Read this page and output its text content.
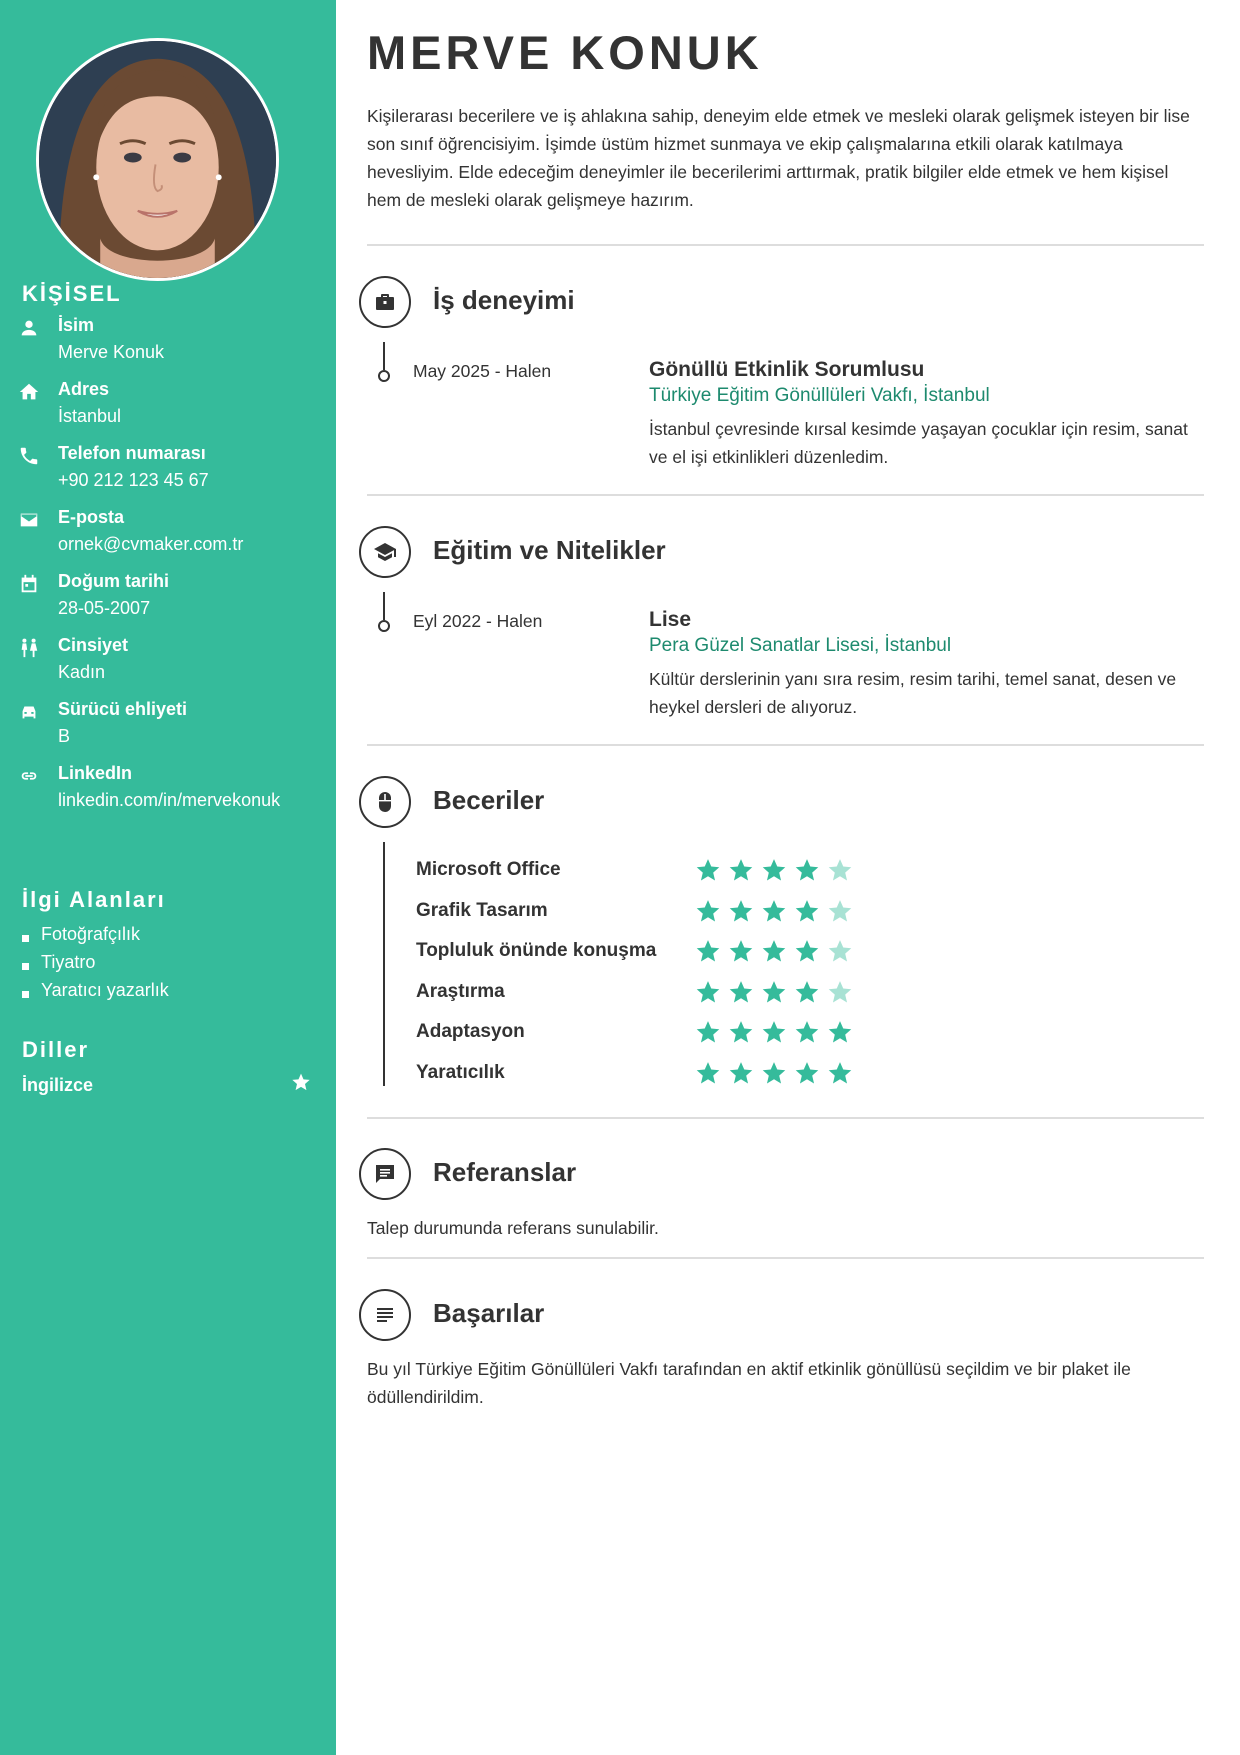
KİŞİSEL
İsim
Merve Konuk
Adres
İstanbul
Telefon numarası
+90 212 123 45 67
E-posta
ornek@cvmaker.com.tr
Doğum tarihi
28-05-2007
Cinsiyet
Kadın
Sürücü ehliyeti
B
LinkedIn
linkedin.com/in/mervekonuk
İlgi Alanları
Fotoğrafçılık
Tiyatro
Yaratıcı yazarlık
Diller
İngilizce
MERVE KONUK
Kişilerarası becerilere ve iş ahlakına sahip, deneyim elde etmek ve mesleki olarak gelişmek isteyen bir lise son sınıf öğrencisiyim. İşimde üstüm hizmet sunmaya ve ekip çalışmalarına etkili olarak katılmaya hevesliyim. Elde edeceğim deneyimler ile becerilerimi arttırmak, pratik bilgiler elde etmek ve hem kişisel hem de mesleki olarak gelişmeye hazırım.
İş deneyimi
May 2025 - Halen	Gönüllü Etkinlik Sorumlusu
Türkiye Eğitim Gönüllüleri Vakfı, İstanbul
İstanbul çevresinde kırsal kesimde yaşayan çocuklar için resim, sanat ve el işi etkinlikleri düzenledim.
Eğitim ve Nitelikler
Eyl 2022 - Halen	Lise
Pera Güzel Sanatlar Lisesi, İstanbul
Kültür derslerinin yanı sıra resim, resim tarihi, temel sanat, desen ve heykel dersleri de alıyoruz.
Beceriler
Microsoft Office
Grafik Tasarım
Topluluk önünde konuşma
Araştırma
Adaptasyon
Yaratıcılık
Referanslar
Talep durumunda referans sunulabilir.
Başarılar
Bu yıl Türkiye Eğitim Gönüllüleri Vakfı tarafından en aktif etkinlik gönüllüsü seçildim ve bir plaket ile ödüllendirildim.
